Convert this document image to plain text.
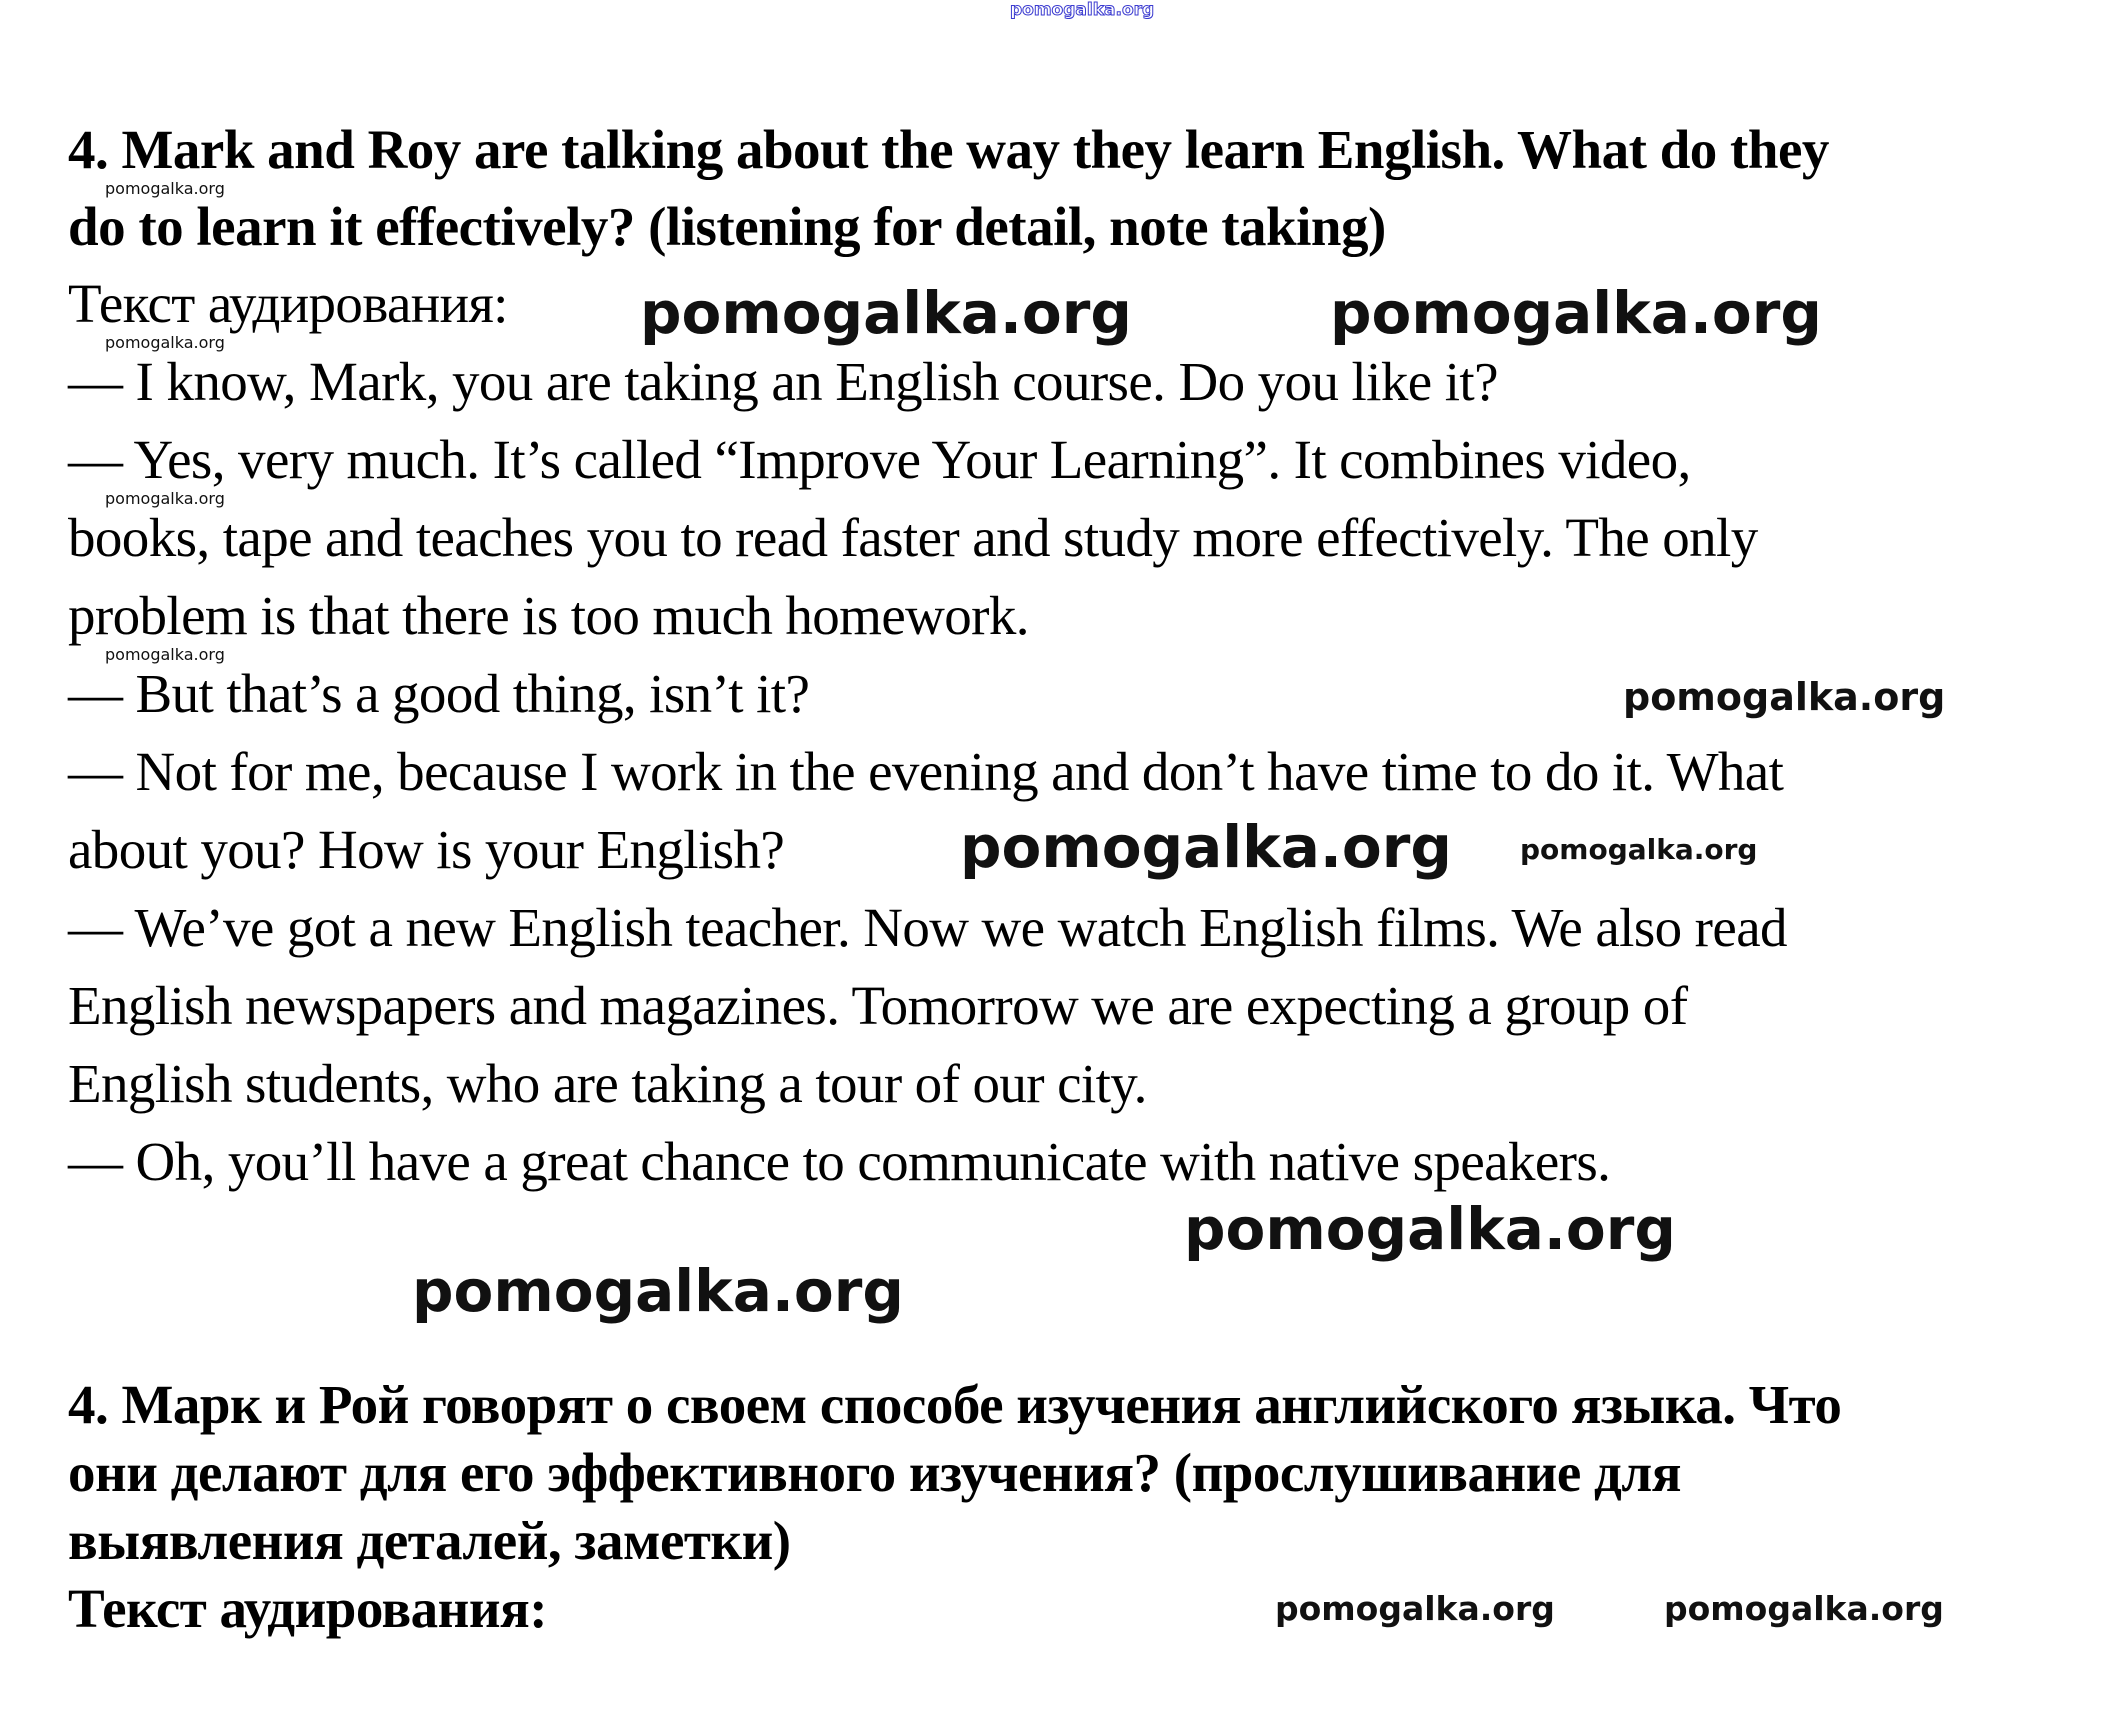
pomogalka.org
4. Mark and Roy are talking about the way they learn English. What do they
do to learn it effectively? (listening for detail, note taking)
Текст аудирования:
— I know, Mark, you are taking an English course. Do you like it?
— Yes, very much. It’s called “Improve Your Learning”. It combines video,
books, tape and teaches you to read faster and study more effectively. The only
problem is that there is too much homework.
— But that’s a good thing, isn’t it?
— Not for me, because I work in the evening and don’t have time to do it. What
about you? How is your English?
— We’ve got a new English teacher. Now we watch English films. We also read
English newspapers and magazines. Tomorrow we are expecting a group of
English students, who are taking a tour of our city.
— Oh, you’ll have a great chance to communicate with native speakers.
4. Марк и Рой говорят о своем способе изучения английского языка. Что
они делают для его эффективного изучения? (прослушивание для
выявления деталей, заметки)
Текст аудирования:
pomogalka.org
pomogalka.org
pomogalka.org
pomogalka.org
pomogalka.org	pomogalka.org
pomogalka.org
pomogalka.org pomogalka.org
pomogalka.org
pomogalka.org
pomogalka.org	pomogalka.org
